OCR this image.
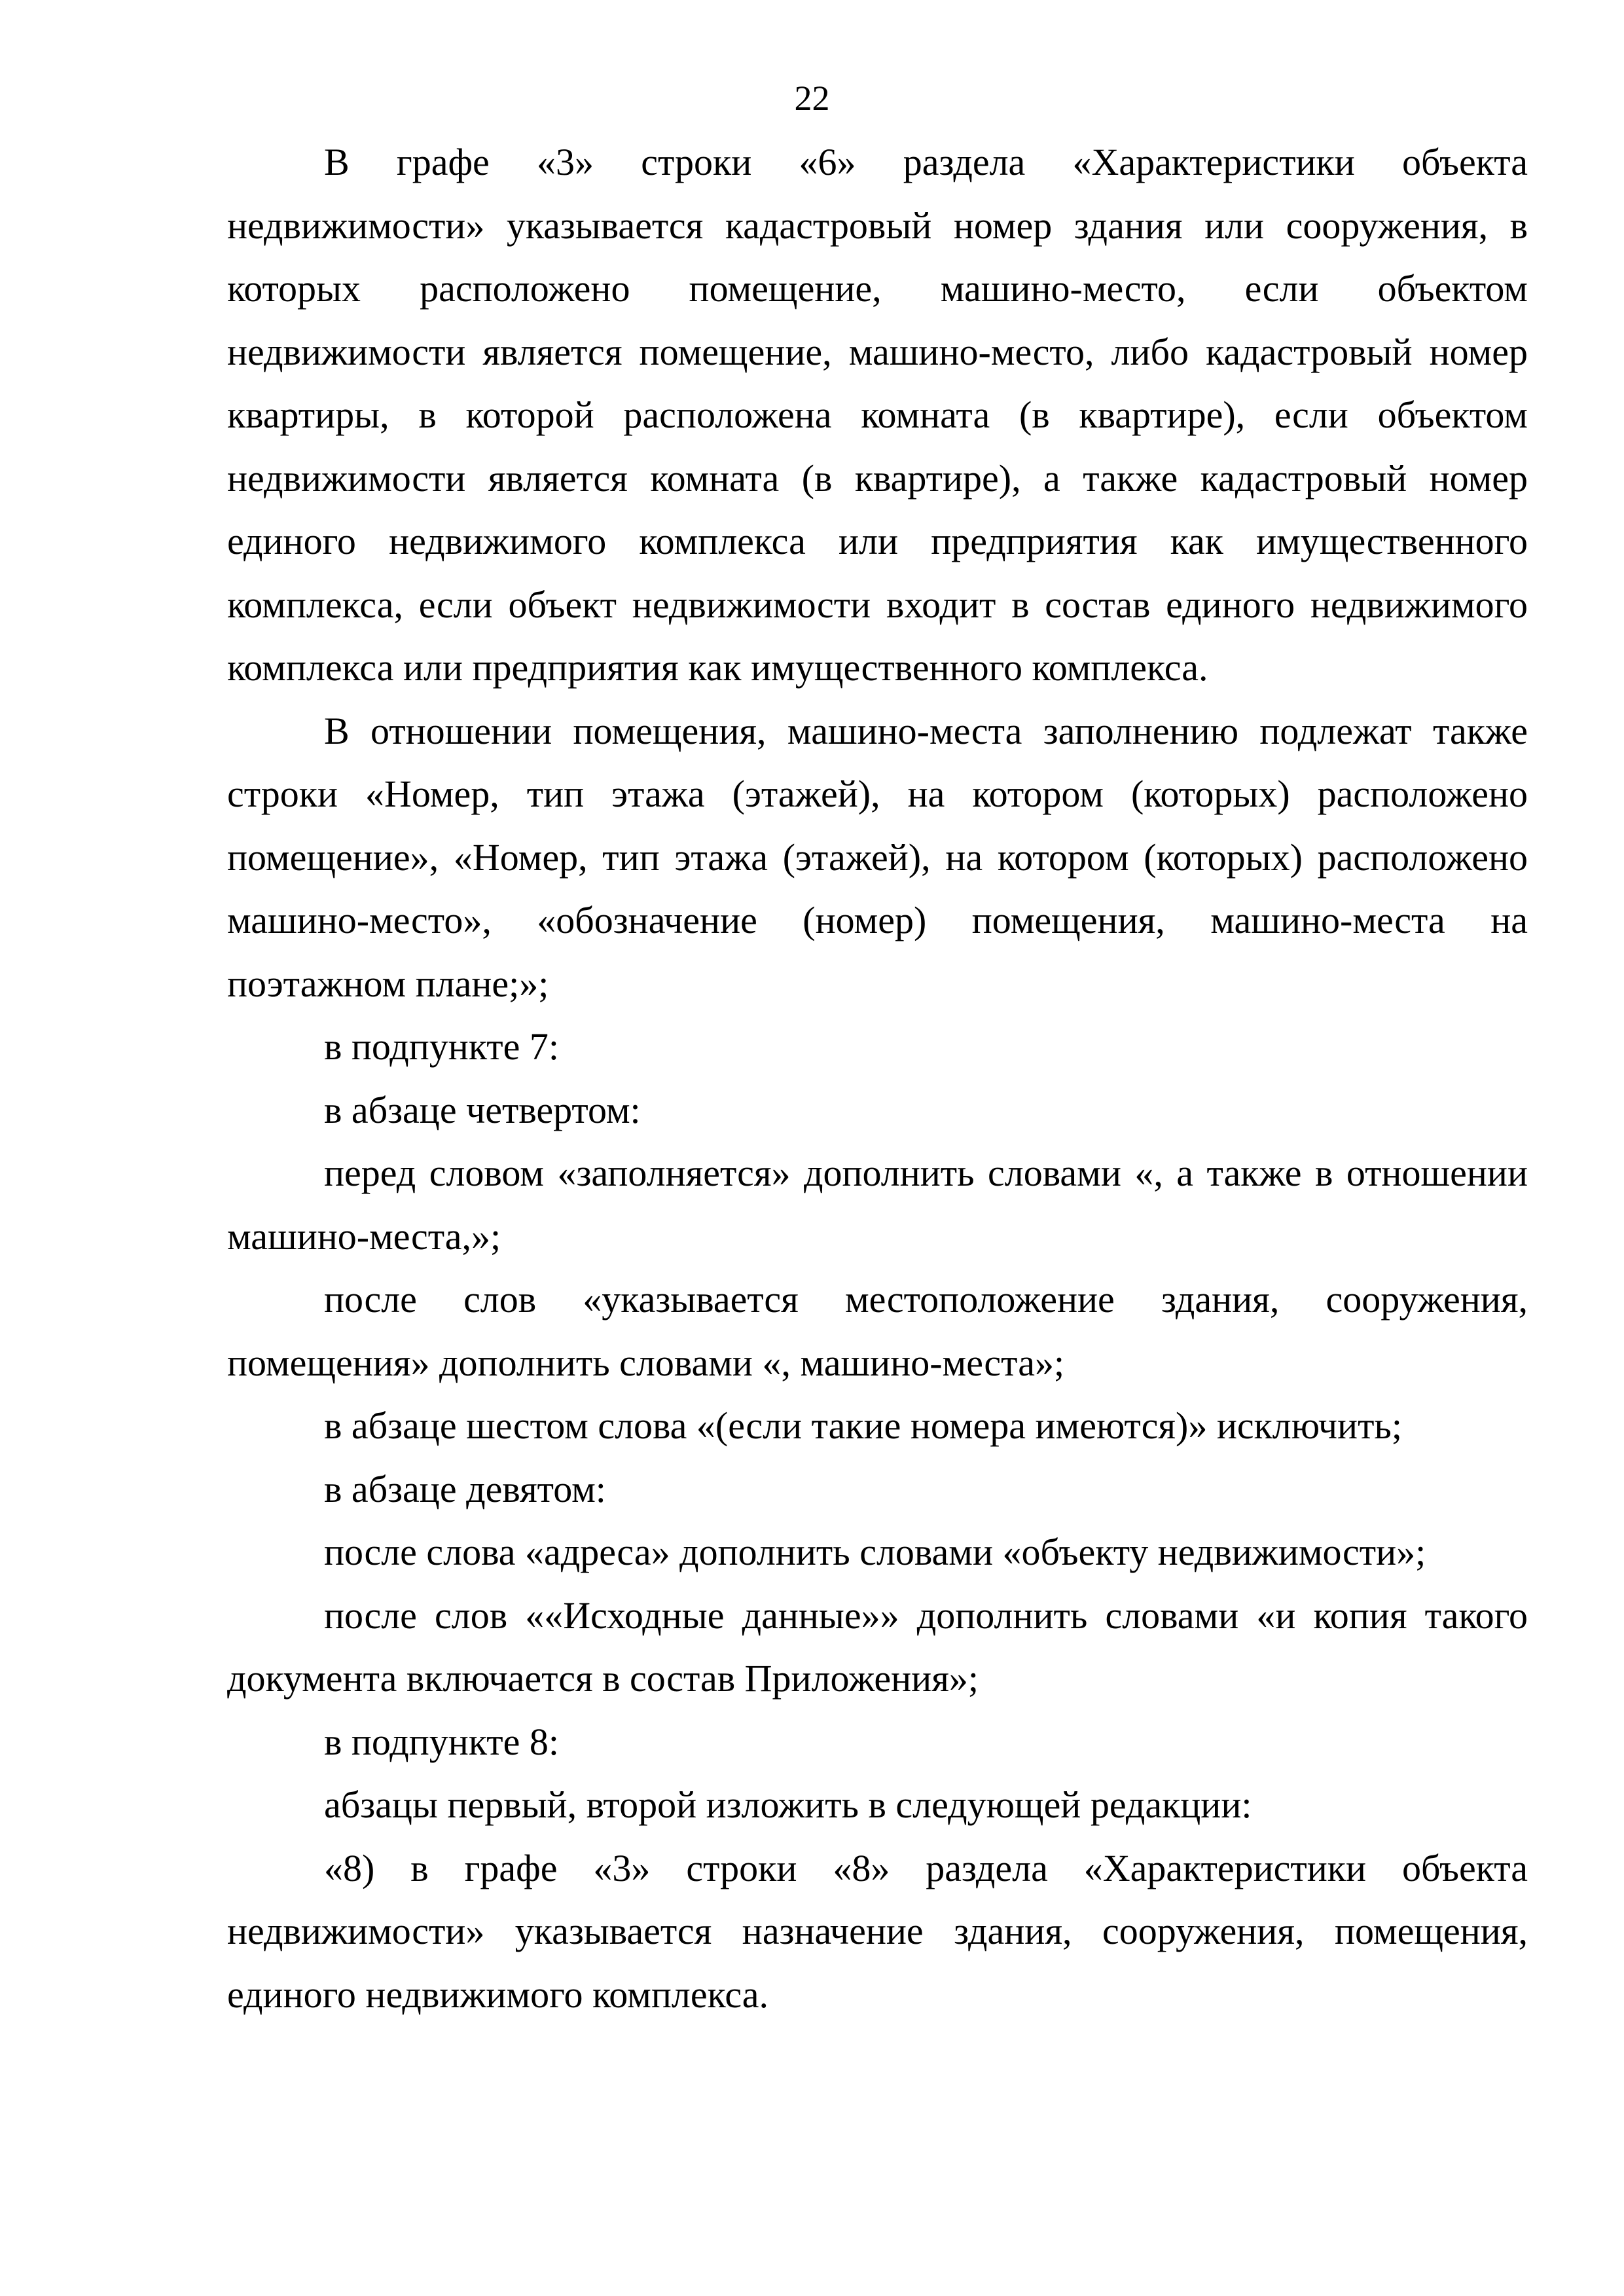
22

В графе «3» строки «6» раздела «Характеристики объекта недвижимости» указывается кадастровый номер здания или сооружения, в которых расположено помещение, машино-место, если объектом недвижимости является помещение, машино-место, либо кадастровый номер квартиры, в которой расположена комната (в квартире), если объектом недвижимости является комната (в квартире), а также кадастровый номер единого недвижимого комплекса или предприятия как имущественного комплекса, если объект недвижимости входит в состав единого недвижимого комплекса или предприятия как имущественного комплекса.

В отношении помещения, машино-места заполнению подлежат также строки «Номер, тип этажа (этажей), на котором (которых) расположено помещение», «Номер, тип этажа (этажей), на котором (которых) расположено машино-место», «обозначение (номер) помещения, машино-места на поэтажном плане;»;

в подпункте 7:

в абзаце четвертом:

перед словом «заполняется» дополнить словами «, а также в отношении машино-места,»;

после слов «указывается местоположение здания, сооружения, помещения» дополнить словами «, машино-места»;

в абзаце шестом слова «(если такие номера имеются)» исключить;

в абзаце девятом:

после слова «адреса» дополнить словами «объекту недвижимости»;

после слов ««Исходные данные»» дополнить словами «и копия такого документа включается в состав Приложения»;

в подпункте 8:

абзацы первый, второй изложить в следующей редакции:

«8) в графе «3» строки «8» раздела «Характеристики объекта недвижимости» указывается назначение здания, сооружения, помещения, единого недвижимого комплекса.
